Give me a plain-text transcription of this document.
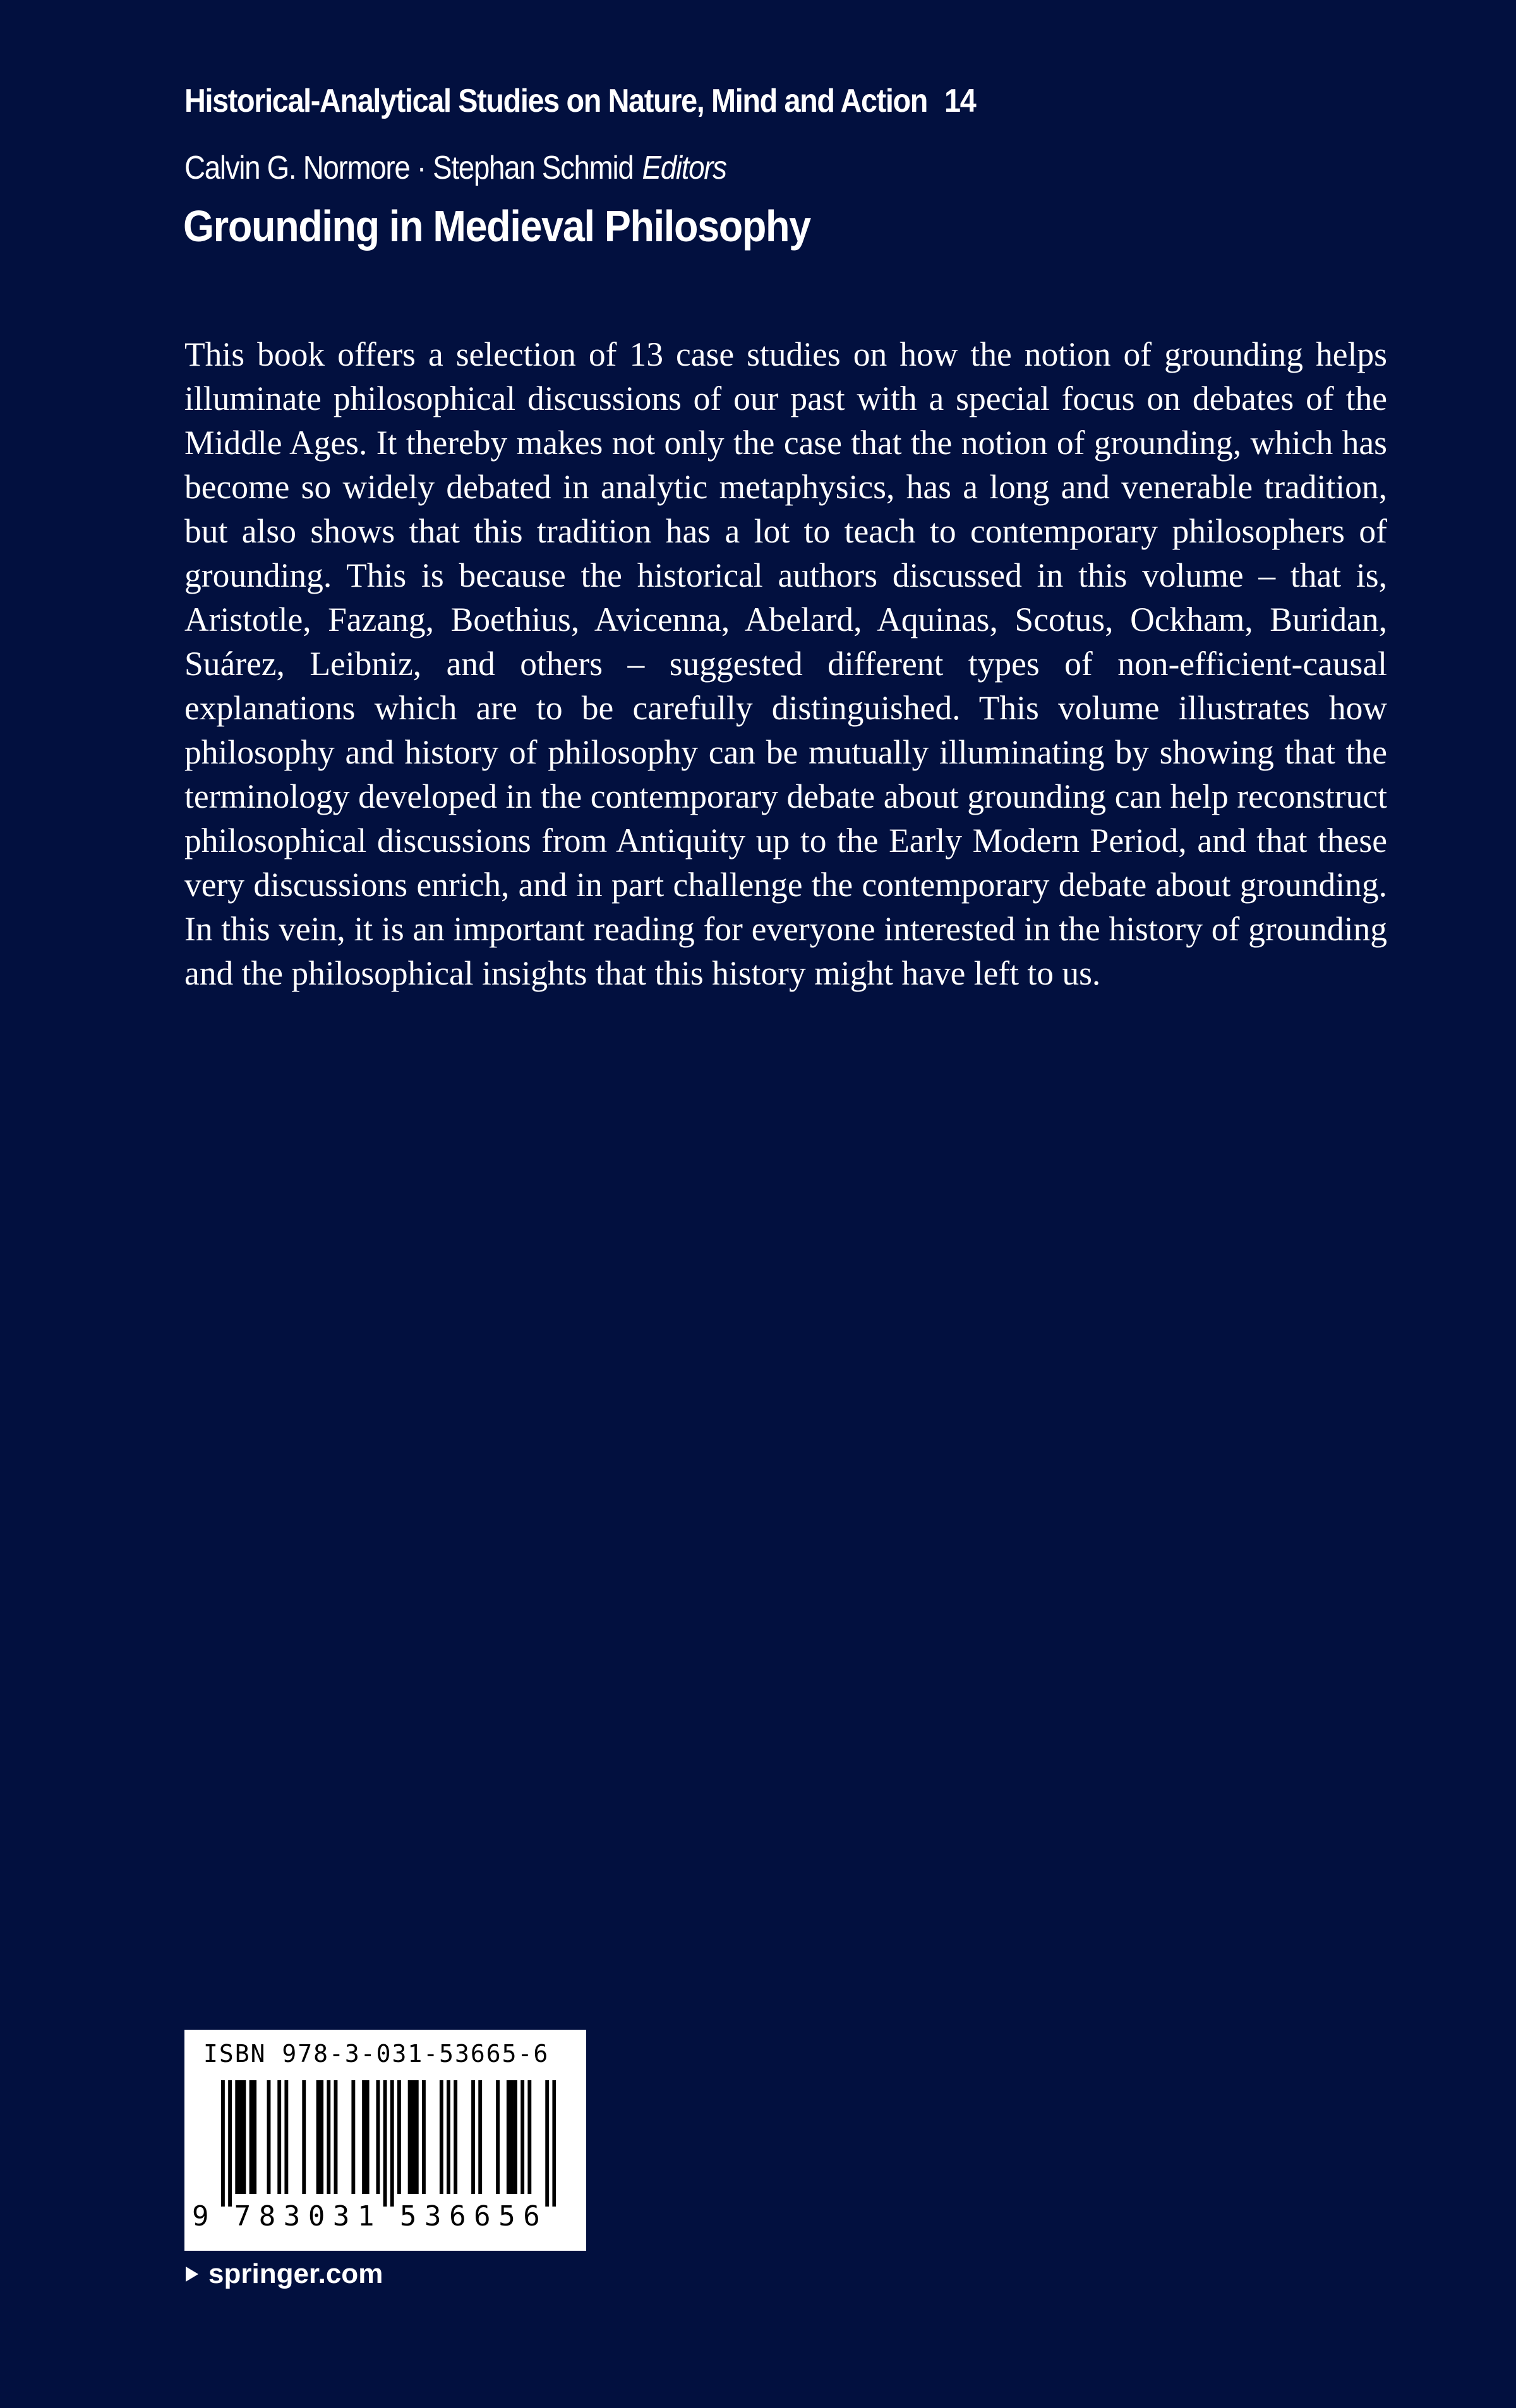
Historical-Analytical Studies on Nature, Mind and Action 14
Calvin G. Normore · Stephan Schmid Editors
Grounding in Medieval Philosophy

This book offers a selection of 13 case studies on how the notion of grounding helps illuminate philosophical discussions of our past with a special focus on debates of the Middle Ages. It thereby makes not only the case that the notion of grounding, which has become so widely debated in analytic metaphysics, has a long and venerable tradition, but also shows that this tradition has a lot to teach to contemporary philosophers of grounding. This is because the historical authors discussed in this volume – that is, Aristotle, Fazang, Boethius, Avicenna, Abelard, Aquinas, Scotus, Ockham, Buridan, Suárez, Leibniz, and others – suggested different types of non-efficient-causal explanations which are to be carefully distinguished. This volume illustrates how philosophy and history of philosophy can be mutually illuminating by showing that the terminology developed in the contemporary debate about grounding can help reconstruct philosophical discussions from Antiquity up to the Early Modern Period, and that these very discussions enrich, and in part challenge the contemporary debate about grounding. In this vein, it is an important reading for everyone interested in the history of grounding and the philosophical insights that this history might have left to us.

ISBN 978-3-031-53665-6
9 7 8 3 0 3 1 5 3 6 6 5 6
springer.com
